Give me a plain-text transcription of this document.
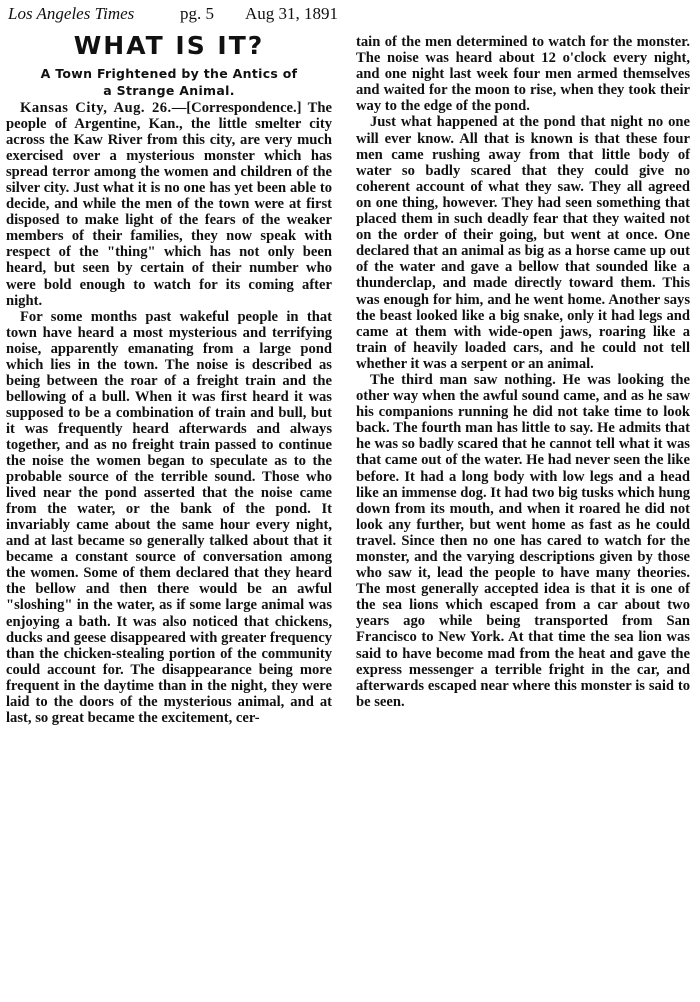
Los Angeles Times	pg. 5 Aug 31, 1891
WHAT IS IT?
A Town Frightened by the Antics of
a Strange Animal.

Kansas City, Aug. 26.—[Correspondence.] The people of Argentine, Kan., the little smelter city across the Kaw River from this city, are very much exercised over a mysterious monster which has spread terror among the women and children of the silver city. Just what it is no one has yet been able to decide, and while the men of the town were at first disposed to make light of the fears of the weaker members of their families, they now speak with respect of the "thing" which has not only been heard, but seen by certain of their number who were bold enough to watch for its coming after night.

For some months past wakeful people in that town have heard a most mysterious and terrifying noise, apparently emanating from a large pond which lies in the town. The noise is described as being between the roar of a freight train and the bellowing of a bull. When it was first heard it was supposed to be a combination of train and bull, but it was frequently heard afterwards and always together, and as no freight train passed to continue the noise the women began to speculate as to the probable source of the terrible sound. Those who lived near the pond asserted that the noise came from the water, or the bank of the pond. It invariably came about the same hour every night, and at last became so generally talked about that it became a constant source of conversation among the women. Some of them declared that they heard the bellow and then there would be an awful "sloshing" in the water, as if some large animal was enjoying a bath. It was also noticed that chickens, ducks and geese disappeared with greater frequency than the chicken-stealing portion of the community could account for. The disappearance being more frequent in the daytime than in the night, they were laid to the doors of the mysterious animal, and at last, so great became the excitement, cer-

tain of the men determined to watch for the monster. The noise was heard about 12 o'clock every night, and one night last week four men armed themselves and waited for the moon to rise, when they took their way to the edge of the pond.

Just what happened at the pond that night no one will ever know. All that is known is that these four men came rushing away from that little body of water so badly scared that they could give no coherent account of what they saw. They all agreed on one thing, however. They had seen something that placed them in such deadly fear that they waited not on the order of their going, but went at once. One declared that an animal as big as a horse came up out of the water and gave a bellow that sounded like a thunderclap, and made directly toward them. This was enough for him, and he went home. Another says the beast looked like a big snake, only it had legs and came at them with wide-open jaws, roaring like a train of heavily loaded cars, and he could not tell whether it was a serpent or an animal.

The third man saw nothing. He was looking the other way when the awful sound came, and as he saw his companions running he did not take time to look back. The fourth man has little to say. He admits that he was so badly scared that he cannot tell what it was that came out of the water. He had never seen the like before. It had a long body with low legs and a head like an immense dog. It had two big tusks which hung down from its mouth, and when it roared he did not look any further, but went home as fast as he could travel. Since then no one has cared to watch for the monster, and the varying descriptions given by those who saw it, lead the people to have many theories. The most generally accepted idea is that it is one of the sea lions which escaped from a car about two years ago while being transported from San Francisco to New York. At that time the sea lion was said to have become mad from the heat and gave the express messenger a terrible fright in the car, and afterwards escaped near where this monster is said to be seen.
